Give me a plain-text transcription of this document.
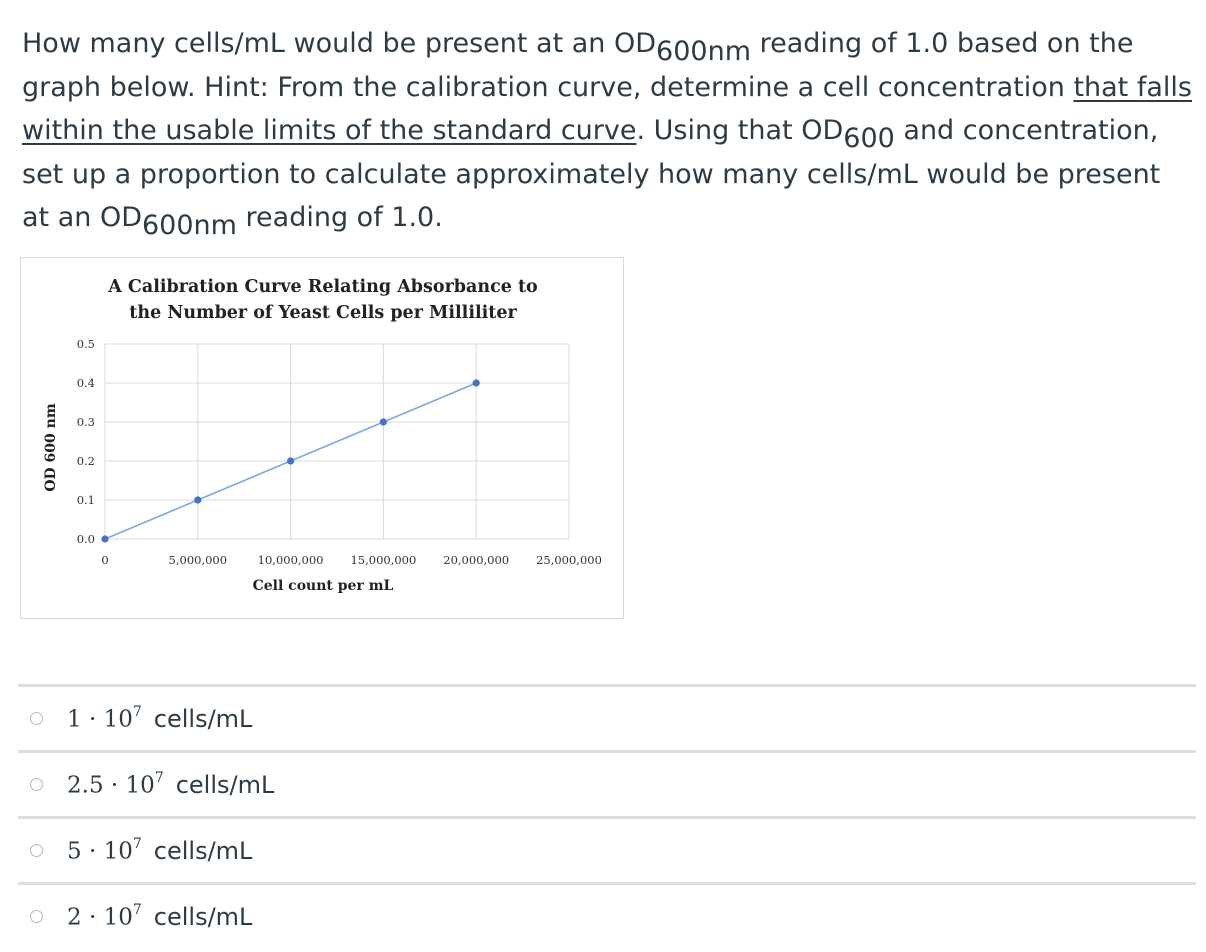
How many cells/mL would be present at an OD600nm reading of 1.0 based on the graph below. Hint: From the calibration curve, determine a cell concentration that falls within the usable limits of the standard curve. Using that OD600 and concentration, set up a proportion to calculate approximately how many cells/mL would be present at an OD600nm reading of 1.0.
A Calibration Curve Relating Absorbance to
the Number of Yeast Cells per Milliliter
0.0
0.1
0.2
0.3
0.4
0.5
0	5,000,000	10,000,000 15,000,000 20,000,000 25,000,000
Cell count per mL
OD 600 nm
$1 \cdot 10^7$ cells/mL
$2.5 \cdot 10^7$ cells/mL
$5 \cdot 10^7$ cells/mL
$2 \cdot 10^7$ cells/mL
